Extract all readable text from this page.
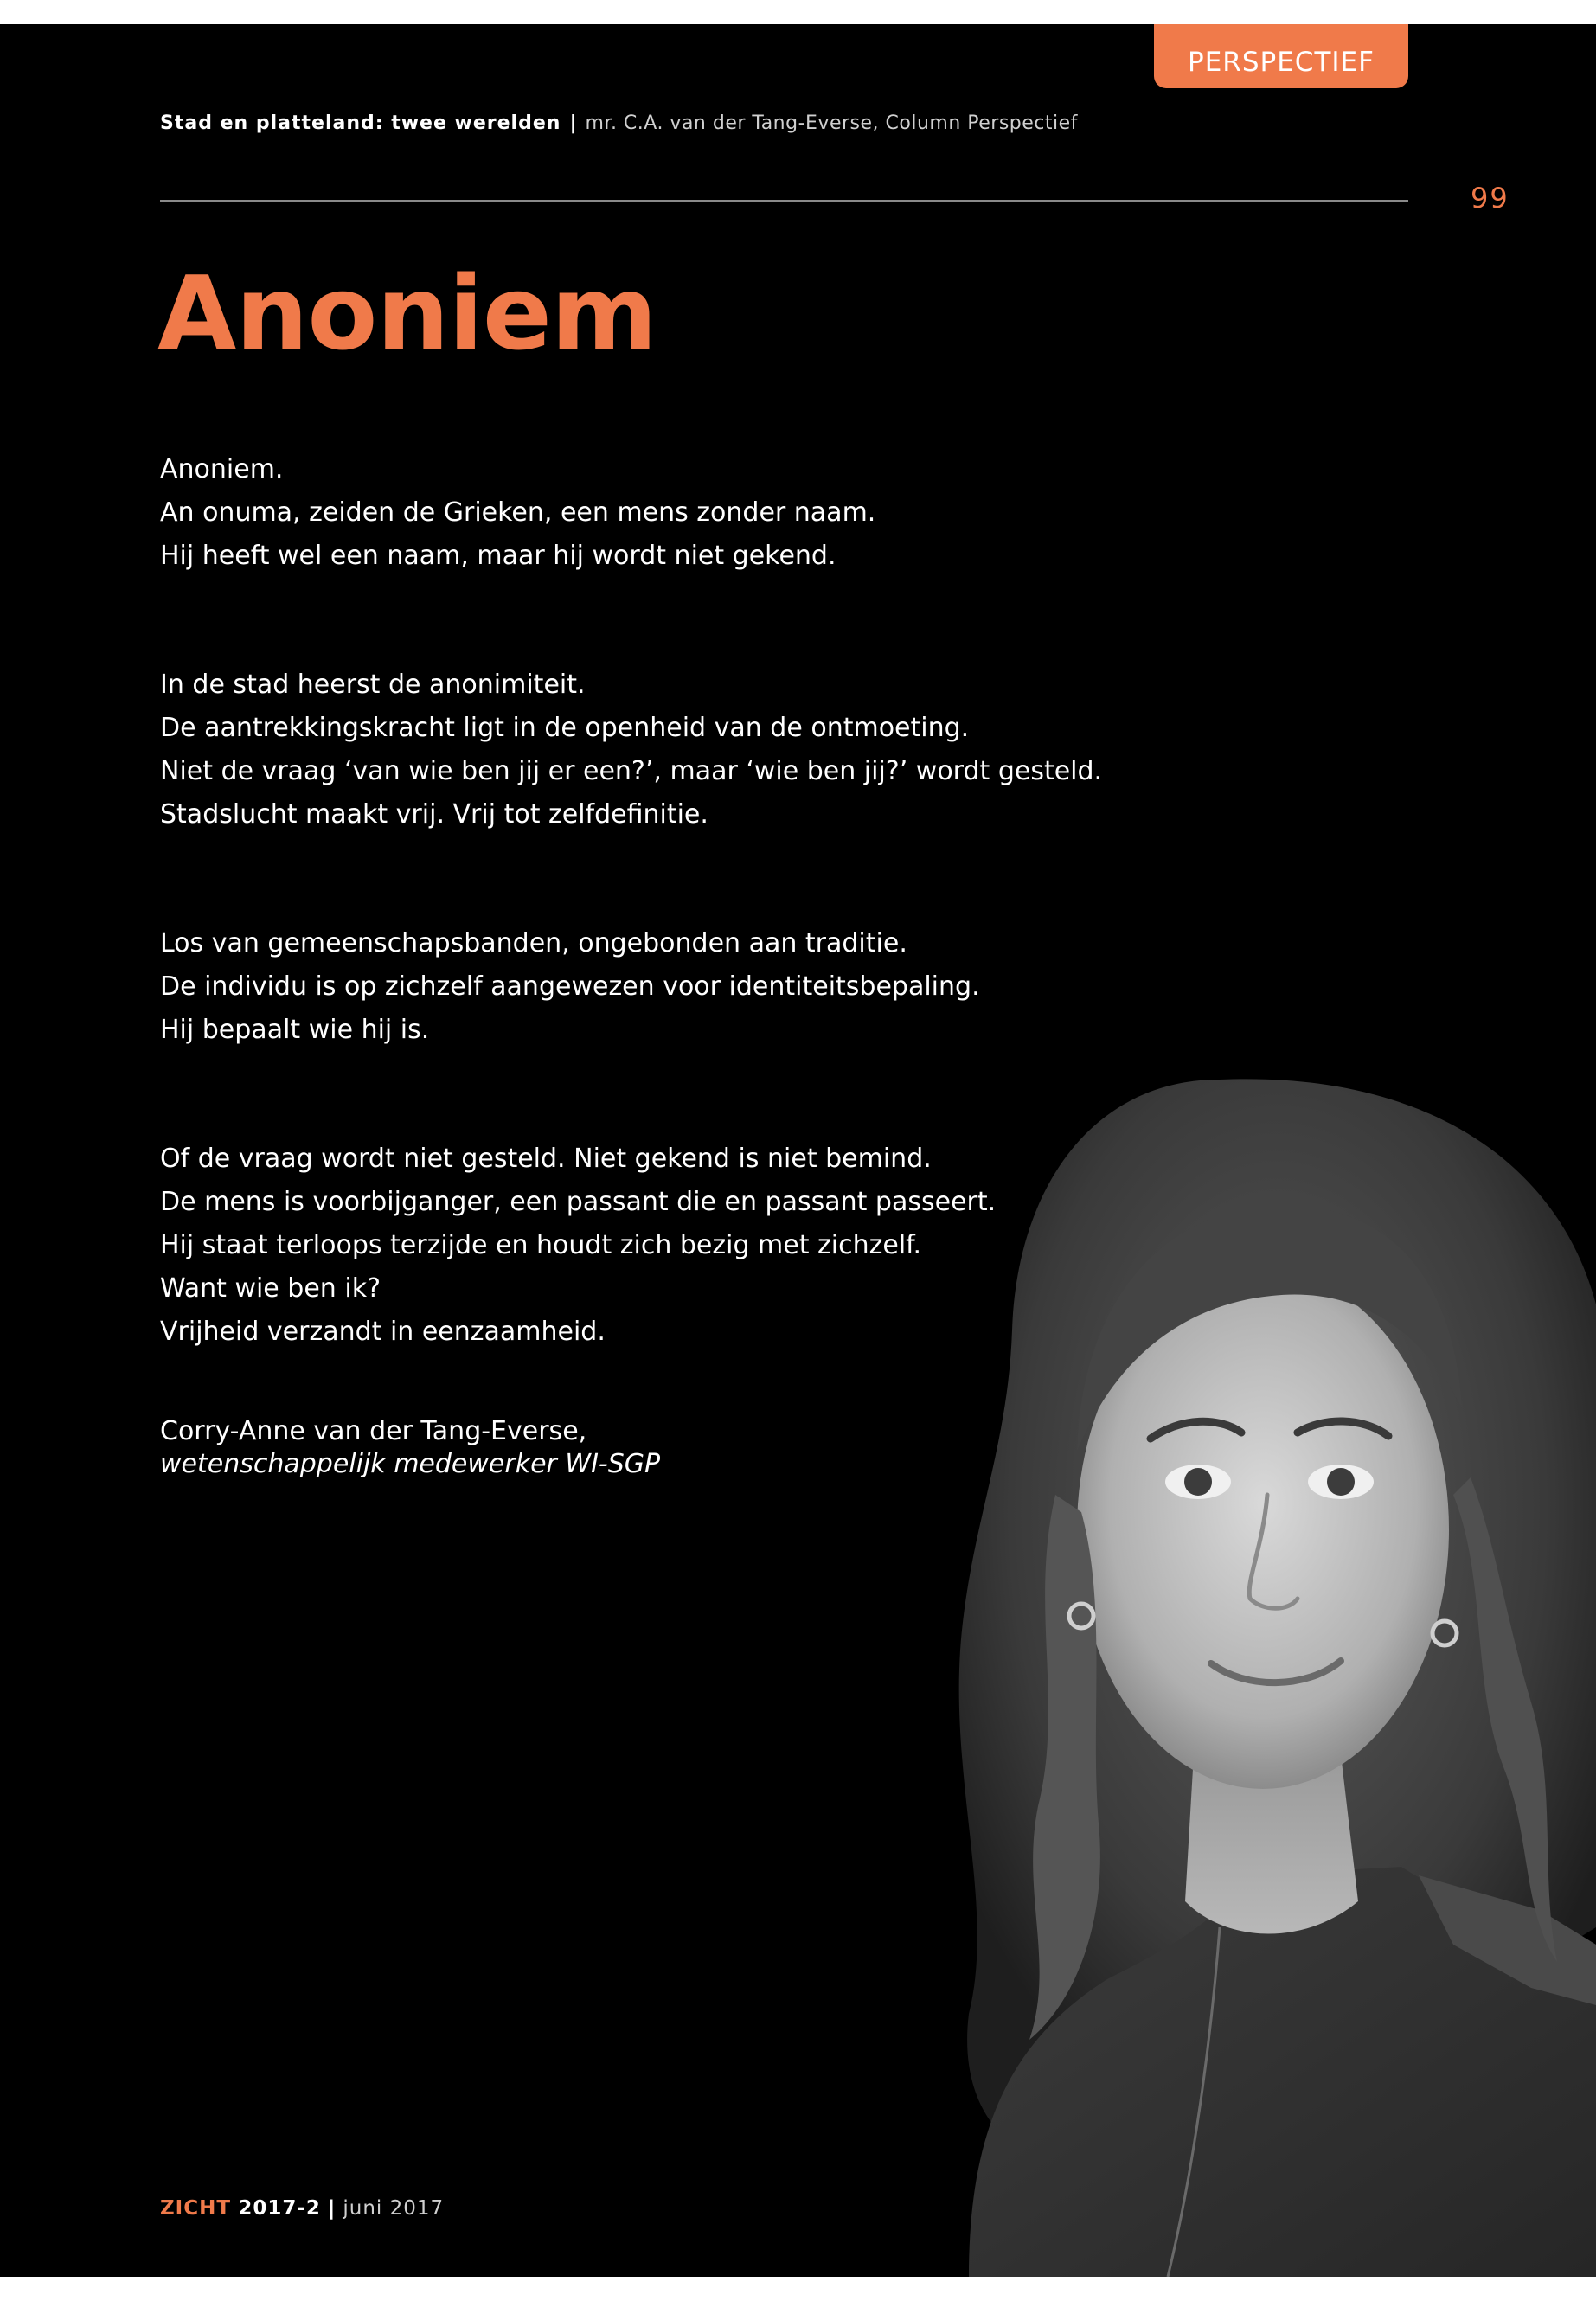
PERSPECTIEF
Stad en platteland: twee werelden | mr. C.A. van der Tang-Everse, Column Perspectief
99
Anoniem
Anoniem.
An onuma, zeiden de Grieken, een mens zonder naam.
Hij heeft wel een naam, maar hij wordt niet gekend.
In de stad heerst de anonimiteit.
De aantrekkingskracht ligt in de openheid van de ontmoeting.
Niet de vraag ‘van wie ben jij er een?’, maar ‘wie ben jij?’ wordt gesteld.
Stadslucht maakt vrij. Vrij tot zelfdefinitie.
Los van gemeenschapsbanden, ongebonden aan traditie.
De individu is op zichzelf aangewezen voor identiteitsbepaling.
Hij bepaalt wie hij is.
Of de vraag wordt niet gesteld. Niet gekend is niet bemind.
De mens is voorbijganger, een passant die en passant passeert.
Hij staat terloops terzijde en houdt zich bezig met zichzelf.
Want wie ben ik?
Vrijheid verzandt in eenzaamheid.
Corry-Anne van der Tang-Everse,
wetenschappelijk medewerker WI-SGP
ZICHT 2017-2 | juni 2017
